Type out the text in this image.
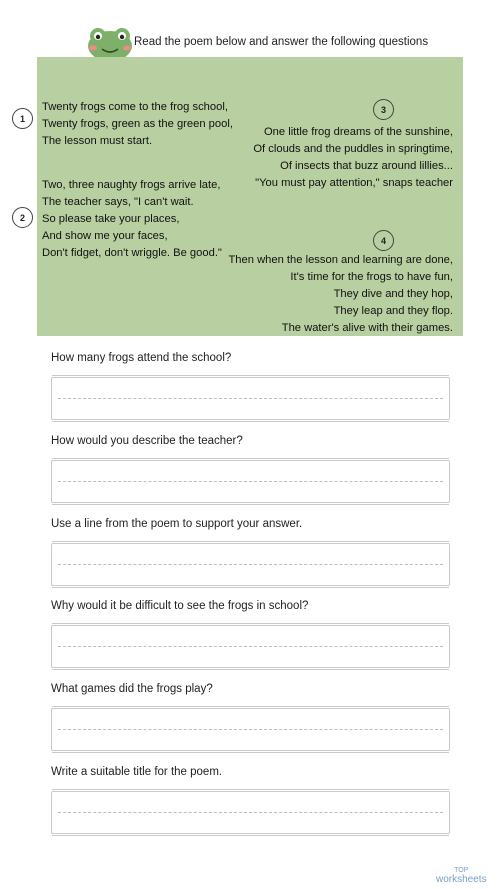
Read the poem below and answer the following questions
1
Twenty frogs come to the frog school,
Twenty frogs, green as the green pool,
The lesson must start.
3
One little frog dreams of the sunshine,
Of clouds and the puddles in springtime,
Of insects that buzz around lillies...
"You must pay attention," snaps teacher
2
Two, three naughty frogs arrive late,
The teacher says, "I can't wait.
So please take your places,
And show me your faces,
Don't fidget, don't wriggle. Be good."
4
Then when the lesson and learning are done,
It's time for the frogs to have fun,
They dive and they hop,
They leap and they flop.
The water's alive with their games.
How many frogs attend the school?
How would you describe the teacher?
Use a line from the poem to support your answer.
Why would it be difficult to see the frogs in school?
What games did the frogs play?
Write a suitable title for the poem.
TOP
worksheets
